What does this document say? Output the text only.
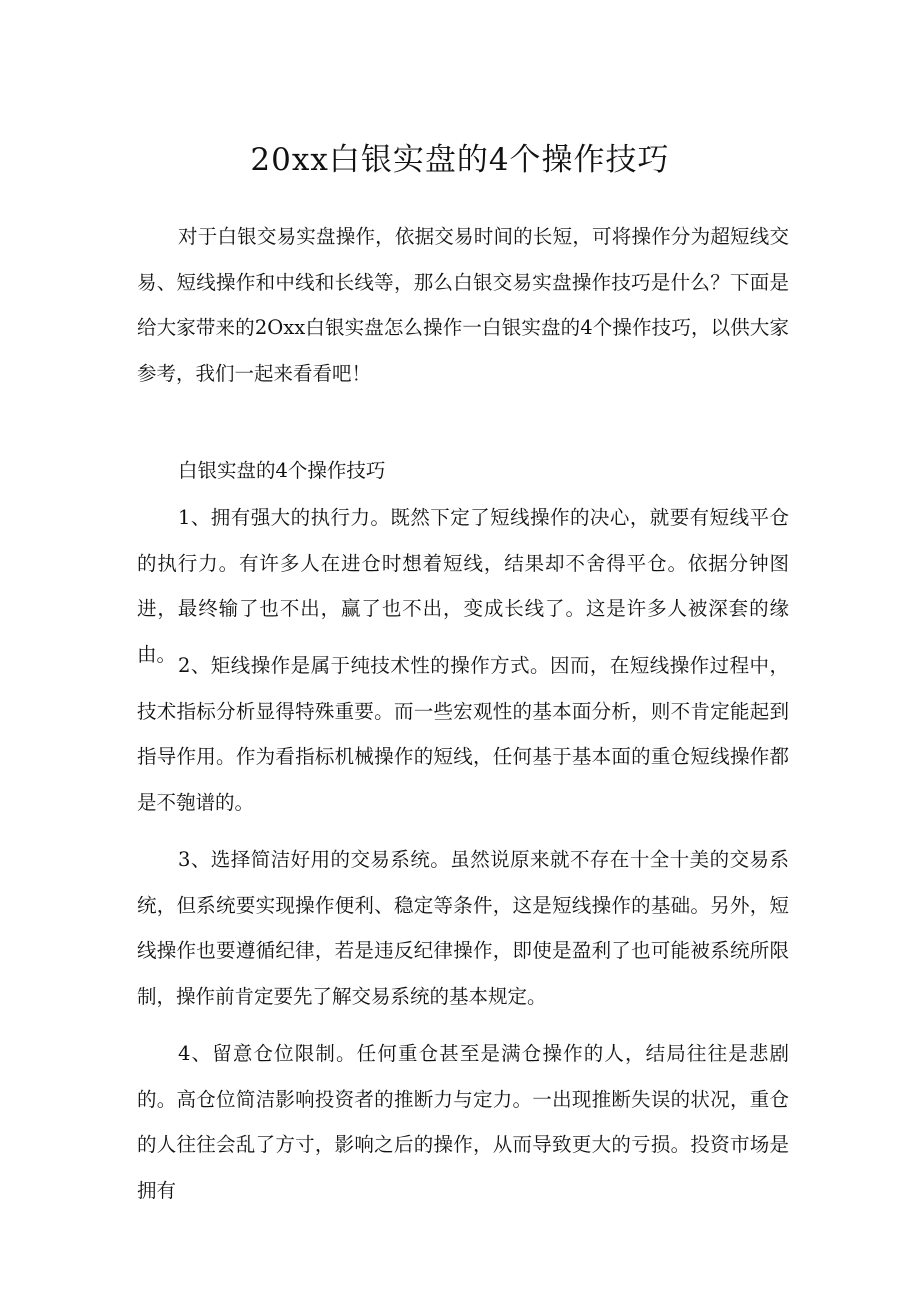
20xx白银实盘的4个操作技巧

对于白银交易实盘操作，依据交易时间的长短，可将操作分为超短线交易、短线操作和中线和长线等，那么白银交易实盘操作技巧是什么？下面是给大家带来的2Oxx白银实盘怎么操作一白银实盘的4个操作技巧，以供大家参考，我们一起来看看吧！

白银实盘的4个操作技巧

1、拥有强大的执行力。既然下定了短线操作的决心，就要有短线平仓的执行力。有许多人在进仓时想着短线，结果却不舍得平仓。依据分钟图进，最终输了也不出，赢了也不出，变成长线了。这是许多人被深套的缘由。 2、矩线操作是属于纯技术性的操作方式。因而，在短线操作过程中，技术指标分析显得特殊重要。而一些宏观性的基本面分析，则不肯定能起到指导作用。作为看指标机械操作的短线，任何基于基本面的重仓短线操作都是不匏谱的。

3、选择简洁好用的交易系统。虽然说原来就不存在十全十美的交易系统，但系统要实现操作便利、稳定等条件，这是短线操作的基础。另外，短线操作也要遵循纪律，若是违反纪律操作，即使是盈利了也可能被系统所限制，操作前肯定要先了解交易系统的基本规定。

4、留意仓位限制。任何重仓甚至是满仓操作的人，结局往往是悲剧的。高仓位简洁影响投资者的推断力与定力。一出现推断失误的状况，重仓的人往往会乱了方寸，影响之后的操作，从而导致更大的亏损。投资市场是拥有
